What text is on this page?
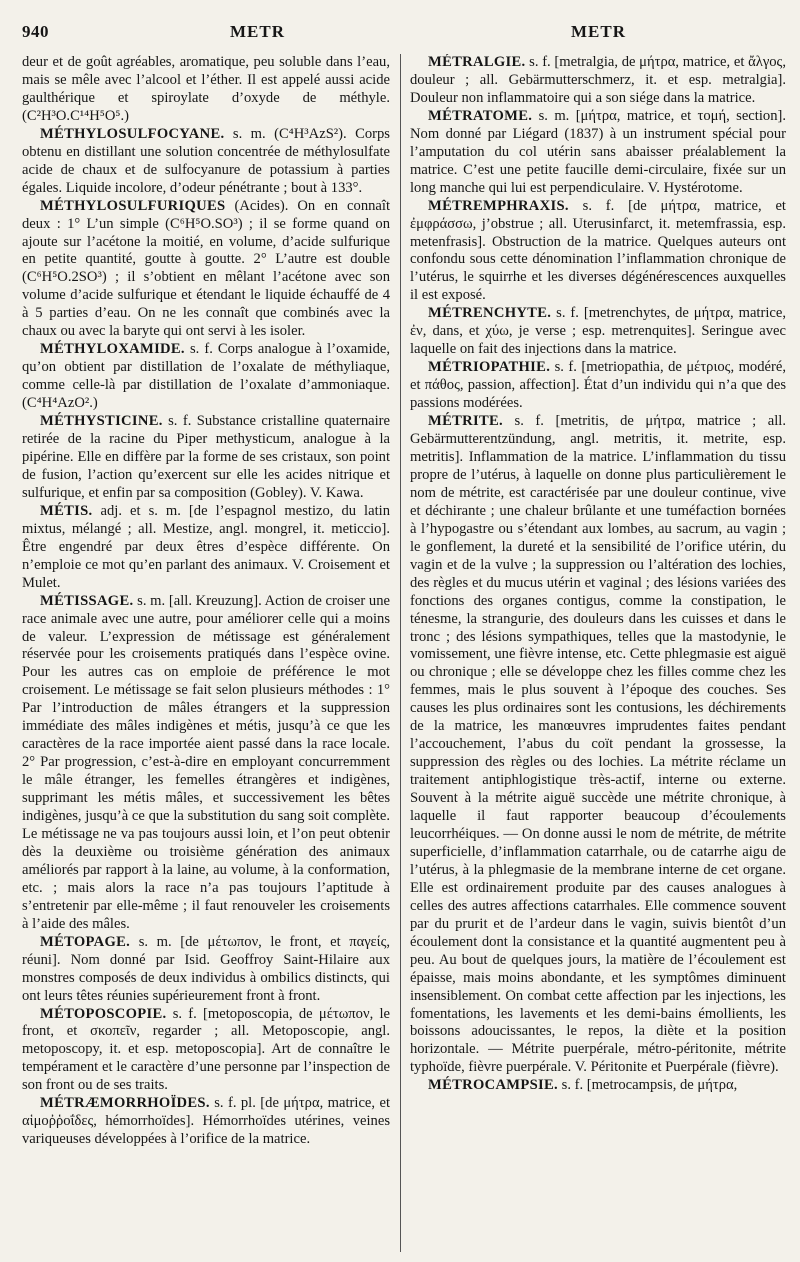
940	METR	METR

deur et de goût agréables, aromatique, peu soluble dans l’eau, mais se mêle avec l’alcool et l’éther. Il est appelé aussi acide gaulthérique et spiroylate d’oxyde de méthyle. (C²H³O.C¹⁴H⁵O⁵.)

MÉTHYLOSULFOCYANE. s. m. (C⁴H³AzS²). Corps obtenu en distillant une solution concentrée de méthylosulfate acide de chaux et de sulfocyanure de potassium à parties égales. Liquide incolore, d’odeur pénétrante ; bout à 133°.

MÉTHYLOSULFURIQUES (Acides). On en connaît deux : 1° L’un simple (C⁶H⁵O.SO³) ; il se forme quand on ajoute sur l’acétone la moitié, en volume, d’acide sulfurique en petite quantité, goutte à goutte. 2° L’autre est double (C⁶H⁵O.2SO³) ; il s’obtient en mêlant l’acétone avec son volume d’acide sulfurique et étendant le liquide échauffé de 4 à 5 parties d’eau. On ne les connaît que combinés avec la chaux ou avec la baryte qui ont servi à les isoler.

MÉTHYLOXAMIDE. s. f. Corps analogue à l’oxamide, qu’on obtient par distillation de l’oxalate de méthyliaque, comme celle-là par distillation de l’oxalate d’ammoniaque. (C⁴H⁴AzO².)

MÉTHYSTICINE. s. f. Substance cristalline quaternaire retirée de la racine du Piper methysticum, analogue à la pipérine. Elle en diffère par la forme de ses cristaux, son point de fusion, l’action qu’exercent sur elle les acides nitrique et sulfurique, et enfin par sa composition (Gobley). V. Kawa.

MÉTIS. adj. et s. m. [de l’espagnol mestizo, du latin mixtus, mélangé ; all. Mestize, angl. mongrel, it. meticcio]. Être engendré par deux êtres d’espèce différente. On n’emploie ce mot qu’en parlant des animaux. V. Croisement et Mulet.

MÉTISSAGE. s. m. [all. Kreuzung]. Action de croiser une race animale avec une autre, pour améliorer celle qui a moins de valeur. L’expression de métissage est généralement réservée pour les croisements pratiqués dans l’espèce ovine. Pour les autres cas on emploie de préférence le mot croisement. Le métissage se fait selon plusieurs méthodes : 1° Par l’introduction de mâles étrangers et la suppression immédiate des mâles indigènes et métis, jusqu’à ce que les caractères de la race importée aient passé dans la race locale. 2° Par progression, c’est-à-dire en employant concurremment le mâle étranger, les femelles étrangères et indigènes, supprimant les métis mâles, et successivement les bêtes indigènes, jusqu’à ce que la substitution du sang soit complète. Le métissage ne va pas toujours aussi loin, et l’on peut obtenir dès la deuxième ou troisième génération des animaux améliorés par rapport à la laine, au volume, à la conformation, etc. ; mais alors la race n’a pas toujours l’aptitude à s’entretenir par elle-même ; il faut renouveler les croisements à l’aide des mâles.

MÉTOPAGE. s. m. [de μέτωπον, le front, et παγείς, réuni]. Nom donné par Isid. Geoffroy Saint-Hilaire aux monstres composés de deux individus à ombilics distincts, qui ont leurs têtes réunies supérieurement front à front.

MÉTOPOSCOPIE. s. f. [metoposcopia, de μέτωπον, le front, et σκοπεῖν, regarder ; all. Metoposcopie, angl. metoposcopy, it. et esp. metoposcopia]. Art de connaître le tempérament et le caractère d’une personne par l’inspection de son front ou de ses traits.

MÉTRÆMORRHOÏDES. s. f. pl. [de μήτρα, matrice, et αἱμοῤῥοΐδες, hémorrhoïdes]. Hémorrhoïdes utérines, veines variqueuses développées à l’orifice de la matrice.

MÉTRALGIE. s. f. [metralgia, de μήτρα, matrice, et ἄλγος, douleur ; all. Gebärmutterschmerz, it. et esp. metralgia]. Douleur non inflammatoire qui a son siége dans la matrice.

MÉTRATOME. s. m. [μήτρα, matrice, et τομή, section]. Nom donné par Liégard (1837) à un instrument spécial pour l’amputation du col utérin sans abaisser préalablement la matrice. C’est une petite faucille demi-circulaire, fixée sur un long manche qui lui est perpendiculaire. V. Hystérotome.

MÉTREMPHRAXIS. s. f. [de μήτρα, matrice, et ἐμφράσσω, j’obstrue ; all. Uterusinfarct, it. metemfrassia, esp. metenfrasis]. Obstruction de la matrice. Quelques auteurs ont confondu sous cette dénomination l’inflammation chronique de l’utérus, le squirrhe et les diverses dégénérescences auxquelles il est exposé.

MÉTRENCHYTE. s. f. [metrenchytes, de μήτρα, matrice, ἐν, dans, et χύω, je verse ; esp. metrenquites]. Seringue avec laquelle on fait des injections dans la matrice.

MÉTRIOPATHIE. s. f. [metriopathia, de μέτριος, modéré, et πάθος, passion, affection]. État d’un individu qui n’a que des passions modérées.

MÉTRITE. s. f. [metritis, de μήτρα, matrice ; all. Gebärmutterentzündung, angl. metritis, it. metrite, esp. metritis]. Inflammation de la matrice. L’inflammation du tissu propre de l’utérus, à laquelle on donne plus particulièrement le nom de métrite, est caractérisée par une douleur continue, vive et déchirante ; une chaleur brûlante et une tuméfaction bornées à l’hypogastre ou s’étendant aux lombes, au sacrum, au vagin ; le gonflement, la dureté et la sensibilité de l’orifice utérin, du vagin et de la vulve ; la suppression ou l’altération des lochies, des règles et du mucus utérin et vaginal ; des lésions variées des fonctions des organes contigus, comme la constipation, le ténesme, la strangurie, des douleurs dans les cuisses et dans le tronc ; des lésions sympathiques, telles que la mastodynie, le vomissement, une fièvre intense, etc. Cette phlegmasie est aiguë ou chronique ; elle se développe chez les filles comme chez les femmes, mais le plus souvent à l’époque des couches. Ses causes les plus ordinaires sont les contusions, les déchirements de la matrice, les manœuvres imprudentes faites pendant l’accouchement, l’abus du coït pendant la grossesse, la suppression des règles ou des lochies. La métrite réclame un traitement antiphlogistique très-actif, interne ou externe. Souvent à la métrite aiguë succède une métrite chronique, à laquelle il faut rapporter beaucoup d’écoulements leucorrhéiques. — On donne aussi le nom de métrite, de métrite superficielle, d’inflammation catarrhale, ou de catarrhe aigu de l’utérus, à la phlegmasie de la membrane interne de cet organe. Elle est ordinairement produite par des causes analogues à celles des autres affections catarrhales. Elle commence souvent par du prurit et de l’ardeur dans le vagin, suivis bientôt d’un écoulement dont la consistance et la quantité augmentent peu à peu. Au bout de quelques jours, la matière de l’écoulement est épaisse, mais moins abondante, et les symptômes diminuent insensiblement. On combat cette affection par les injections, les fomentations, les lavements et les demi-bains émollients, les boissons adoucissantes, le repos, la diète et la position horizontale. — Métrite puerpérale, métro-péritonite, métrite typhoïde, fièvre puerpérale. V. Péritonite et Puerpérale (fièvre).

MÉTROCAMPSIE. s. f. [metrocampsis, de μήτρα,
